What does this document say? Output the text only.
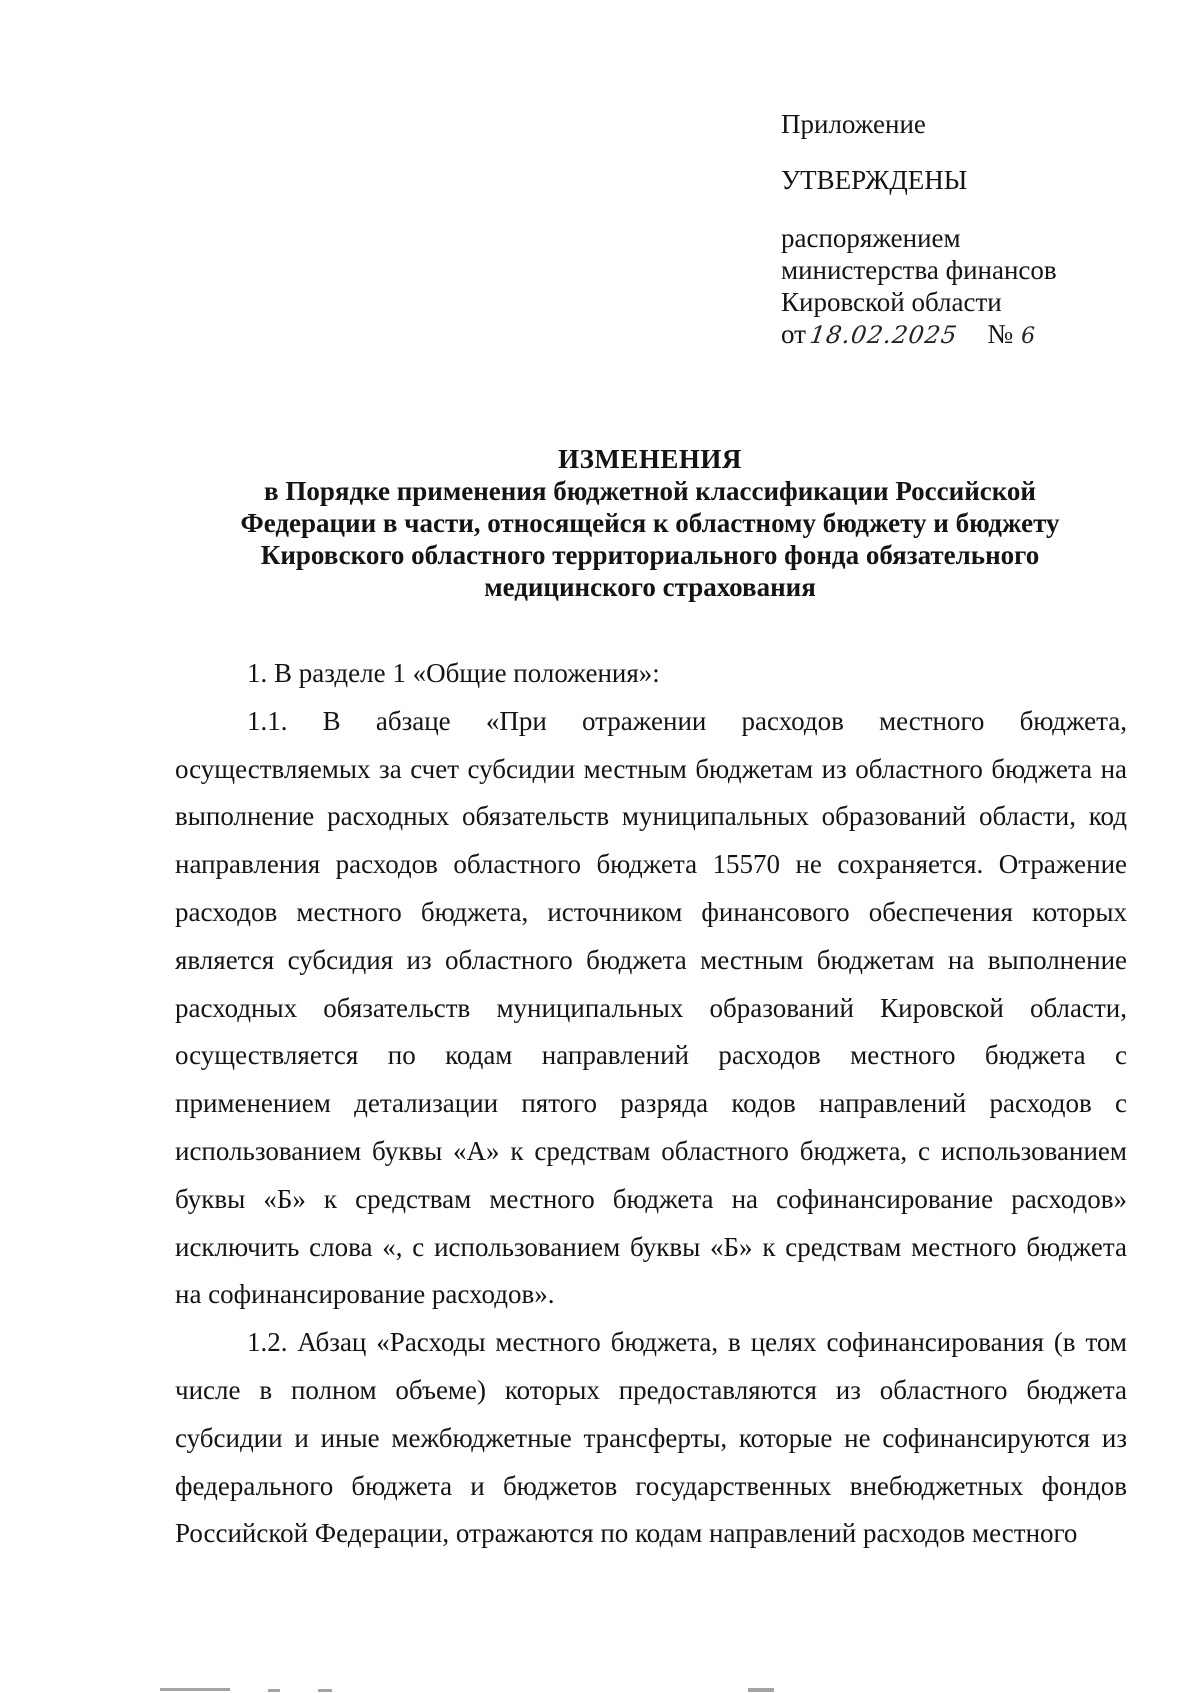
Приложение
УТВЕРЖДЕНЫ
распоряжением
министерства финансов
Кировской области
от18.02.2025 № 6
ИЗМЕНЕНИЯ
в Порядке применения бюджетной классификации Российской
Федерации в части, относящейся к областному бюджету и бюджету
Кировского областного территориального фонда обязательного
медицинского страхования

1. В разделе 1 «Общие положения»:

1.1. В абзаце «При отражении расходов местного бюджета, осуществляемых за счет субсидии местным бюджетам из областного бюджета на выполнение расходных обязательств муниципальных образований области, код направления расходов областного бюджета 15570 не сохраняется. Отражение расходов местного бюджета, источником финансового обеспечения которых является субсидия из областного бюджета местным бюджетам на выполнение расходных обязательств муниципальных образований Кировской области, осуществляется по кодам направлений расходов местного бюджета с применением детализации пятого разряда кодов направлений расходов с использованием буквы «А» к средствам областного бюджета, с использованием буквы «Б» к средствам местного бюджета на софинансирование расходов» исключить слова «, с использованием буквы «Б» к средствам местного бюджета на софинансирование расходов».

1.2. Абзац «Расходы местного бюджета, в целях софинансирования (в том числе в полном объеме) которых предоставляются из областного бюджета субсидии и иные межбюджетные трансферты, которые не софинансируются из федерального бюджета и бюджетов государственных внебюджетных фондов Российской Федерации, отражаются по кодам направлений расходов местного
